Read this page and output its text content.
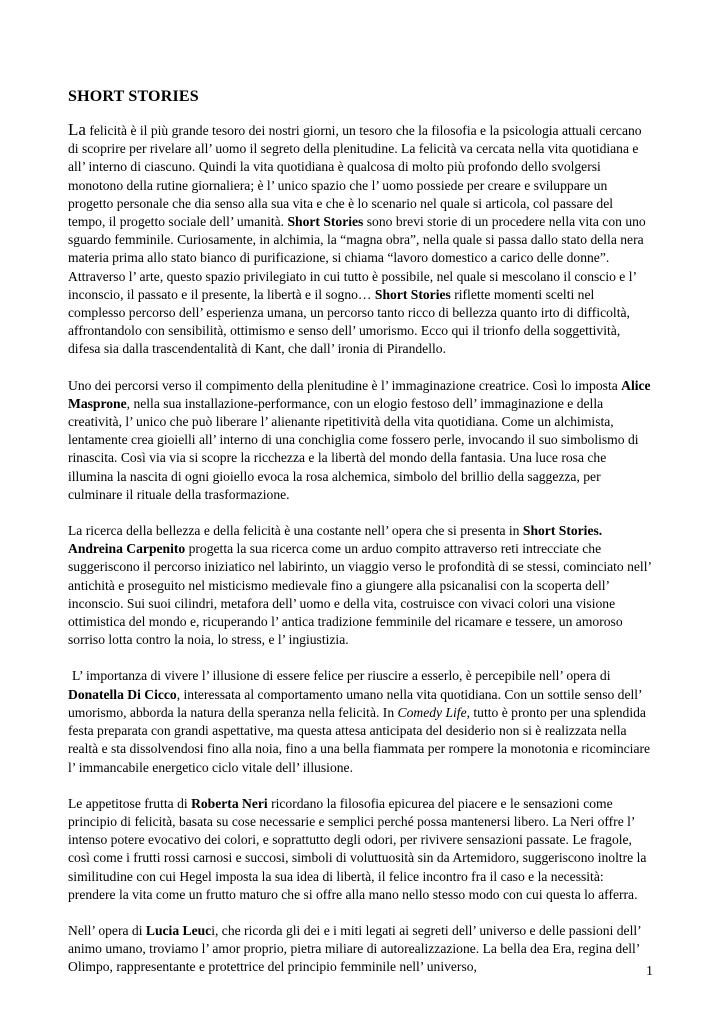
SHORT STORIES

La felicità è il più grande tesoro dei nostri giorni, un tesoro che la filosofia e la psicologia attuali cercano di scoprire per rivelare all’ uomo il segreto della plenitudine. La felicità va cercata nella vita quotidiana e all’ interno di ciascuno. Quindi la vita quotidiana è qualcosa di molto più profondo dello svolgersi monotono della rutine giornaliera; è l’ unico spazio che l’ uomo possiede per creare e sviluppare un progetto personale che dia senso alla sua vita e che è lo scenario nel quale si articola, col passare del tempo, il progetto sociale dell’ umanità. Short Stories sono brevi storie di un procedere nella vita con uno sguardo femminile. Curiosamente, in alchimia, la “magna obra”, nella quale si passa dallo stato della nera materia prima allo stato bianco di purificazione, si chiama “lavoro domestico a carico delle donne”. Attraverso l’ arte, questo spazio privilegiato in cui tutto è possibile, nel quale si mescolano il conscio e l’ inconscio, il passato e il presente, la libertà e il sogno… Short Stories riflette momenti scelti nel complesso percorso dell’ esperienza umana, un percorso tanto ricco di bellezza quanto irto di difficoltà, affrontandolo con sensibilità, ottimismo e senso dell’ umorismo. Ecco qui il trionfo della soggettività, difesa sia dalla trascendentalità di Kant, che dall’ ironia di Pirandello.

Uno dei percorsi verso il compimento della plenitudine è l’ immaginazione creatrice. Così lo imposta Alice Masprone, nella sua installazione-performance, con un elogio festoso dell’ immaginazione e della creatività, l’ unico che può liberare l’ alienante ripetitività della vita quotidiana. Come un alchimista, lentamente crea gioielli all’ interno di una conchiglia come fossero perle, invocando il suo simbolismo di rinascita. Così via via si scopre la ricchezza e la libertà del mondo della fantasia. Una luce rosa che illumina la nascita di ogni gioiello evoca la rosa alchemica, simbolo del brillio della saggezza, per culminare il rituale della trasformazione.

La ricerca della bellezza e della felicità è una costante nell’ opera che si presenta in Short Stories. Andreina Carpenito progetta la sua ricerca come un arduo compito attraverso reti intrecciate che suggeriscono il percorso iniziatico nel labirinto, un viaggio verso le profondità di se stessi, cominciato nell’ antichità e proseguito nel misticismo medievale fino a giungere alla psicanalisi con la scoperta dell’ inconscio. Sui suoi cilindri, metafora dell’ uomo e della vita, costruisce con vivaci colori una visione ottimistica del mondo e, ricuperando l’ antica tradizione femminile del ricamare e tessere, un amoroso sorriso lotta contro la noia, lo stress, e l’ ingiustizia.

L’ importanza di vivere l’ illusione di essere felice per riuscire a esserlo, è percepibile nell’ opera di Donatella Di Cicco, interessata al comportamento umano nella vita quotidiana. Con un sottile senso dell’ umorismo, abborda la natura della speranza nella felicità. In Comedy Life, tutto è pronto per una splendida festa preparata con grandi aspettative, ma questa attesa anticipata del desiderio non si è realizzata nella realtà e sta dissolvendosi fino alla noia, fino a una bella fiammata per rompere la monotonia e ricominciare l’ immancabile energetico ciclo vitale dell’ illusione.

Le appetitose frutta di Roberta Neri ricordano la filosofia epicurea del piacere e le sensazioni come principio di felicità, basata su cose necessarie e semplici perché possa mantenersi libero. La Neri offre l’ intenso potere evocativo dei colori, e soprattutto degli odori, per rivivere sensazioni passate. Le fragole, così come i frutti rossi carnosi e succosi, simboli di voluttuosità sin da Artemidoro, suggeriscono inoltre la similitudine con cui Hegel imposta la sua idea di libertà, il felice incontro fra il caso e la necessità: prendere la vita come un frutto maturo che si offre alla mano nello stesso modo con cui questa lo afferra.

Nell’ opera di Lucia Leuci, che ricorda gli dei e i miti legati ai segreti dell’ universo e delle passioni dell’ animo umano, troviamo l’ amor proprio, pietra miliare di autorealizzazione. La bella dea Era, regina dell’ Olimpo, rappresentante e protettrice del principio femminile nell’ universo,	1
